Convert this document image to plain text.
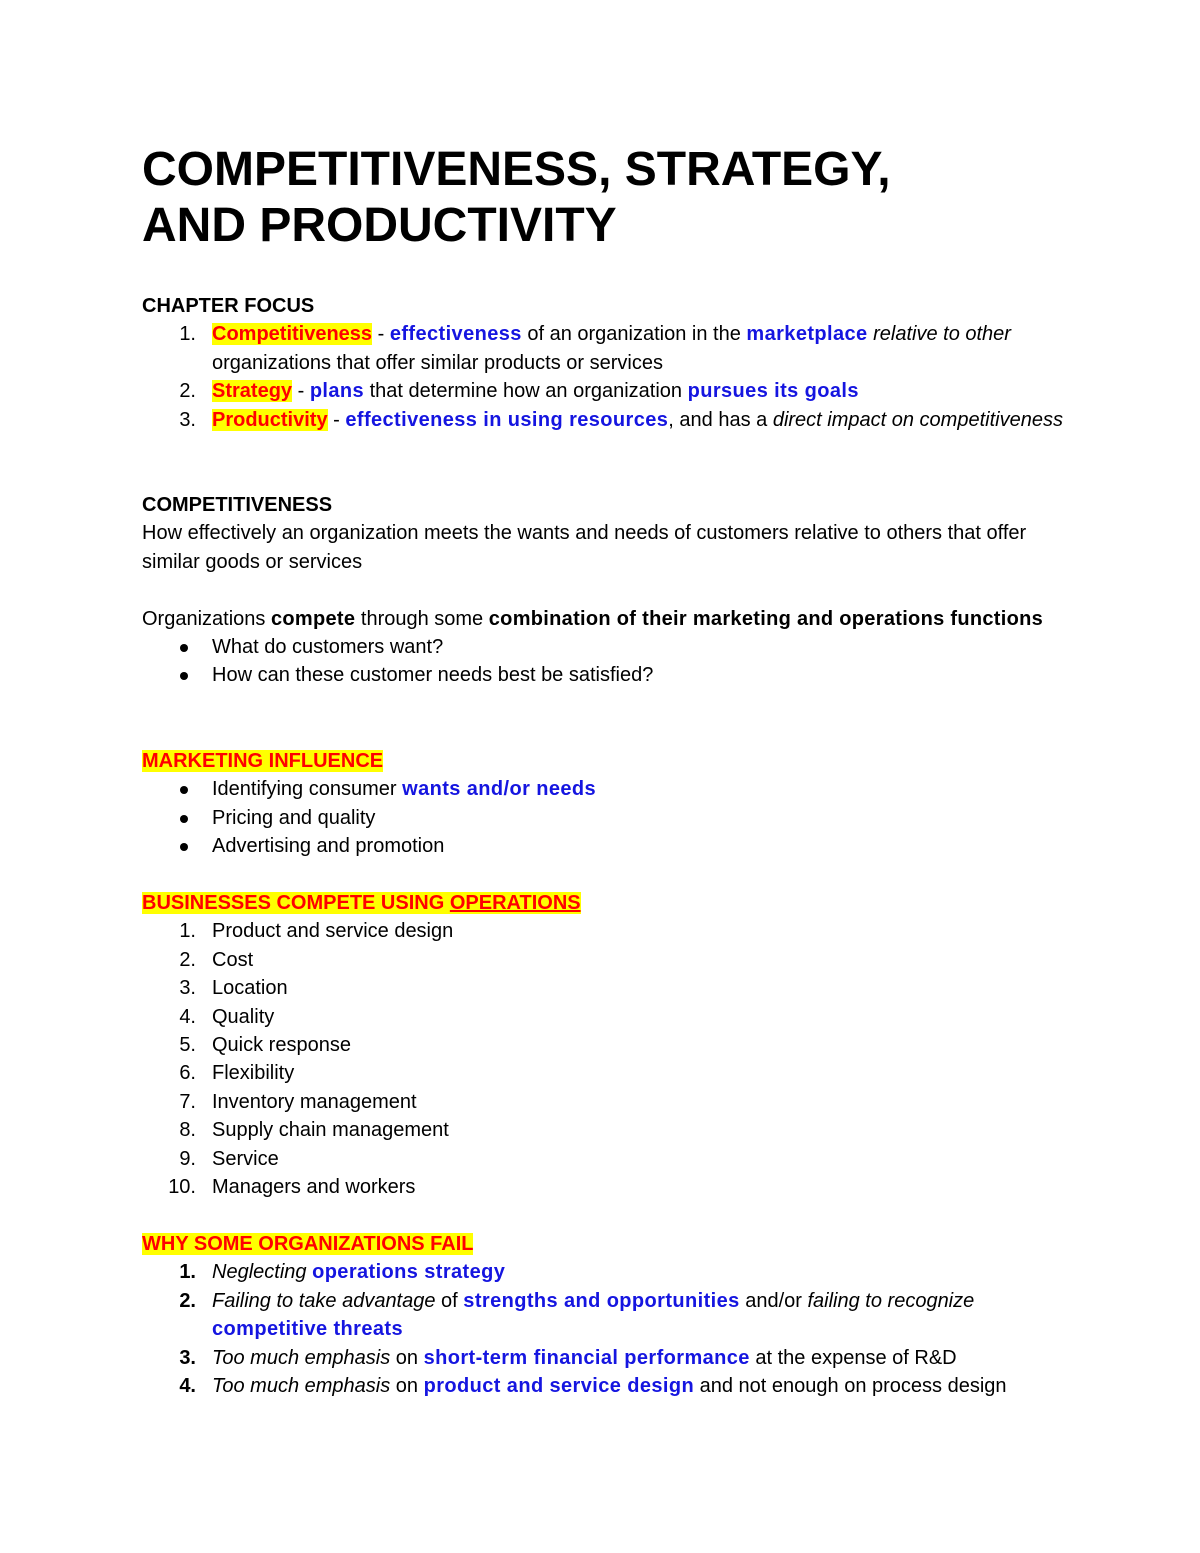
COMPETITIVENESS, STRATEGY,
AND PRODUCTIVITY
CHAPTER FOCUS
1. Competitiveness - effectiveness of an organization in the marketplace relative to other organizations that offer similar products or services
2. Strategy - plans that determine how an organization pursues its goals
3. Productivity - effectiveness in using resources, and has a direct impact on competitiveness
COMPETITIVENESS

How effectively an organization meets the wants and needs of customers relative to others that offer similar goods or services

Organizations compete through some combination of their marketing and operations functions

What do customers want?
How can these customer needs best be satisfied?
MARKETING INFLUENCE
Identifying consumer wants and/or needs
Pricing and quality
Advertising and promotion
BUSINESSES COMPETE USING OPERATIONS
1. Product and service design
2. Cost
3. Location
4. Quality
5. Quick response
6. Flexibility
7. Inventory management
8. Supply chain management
9. Service
10. Managers and workers
WHY SOME ORGANIZATIONS FAIL
1. Neglecting operations strategy
2. Failing to take advantage of strengths and opportunities and/or failing to recognize competitive threats
3. Too much emphasis on short-term financial performance at the expense of R&D
4. Too much emphasis on product and service design and not enough on process design
